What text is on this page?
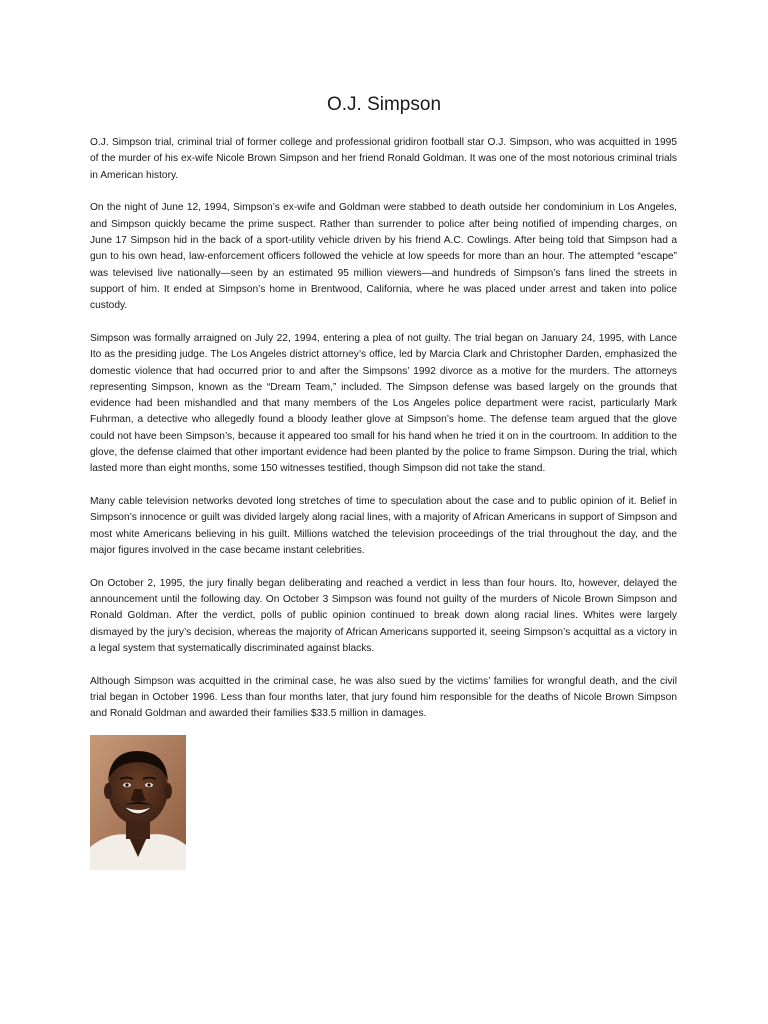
O.J. Simpson

O.J. Simpson trial, criminal trial of former college and professional gridiron football star O.J. Simpson, who was acquitted in 1995 of the murder of his ex-wife Nicole Brown Simpson and her friend Ronald Goldman. It was one of the most notorious criminal trials in American history.

On the night of June 12, 1994, Simpson’s ex-wife and Goldman were stabbed to death outside her condominium in Los Angeles, and Simpson quickly became the prime suspect. Rather than surrender to police after being notified of impending charges, on June 17 Simpson hid in the back of a sport-utility vehicle driven by his friend A.C. Cowlings. After being told that Simpson had a gun to his own head, law-enforcement officers followed the vehicle at low speeds for more than an hour. The attempted “escape” was televised live nationally—seen by an estimated 95 million viewers—and hundreds of Simpson’s fans lined the streets in support of him. It ended at Simpson’s home in Brentwood, California, where he was placed under arrest and taken into police custody.

Simpson was formally arraigned on July 22, 1994, entering a plea of not guilty. The trial began on January 24, 1995, with Lance Ito as the presiding judge. The Los Angeles district attorney’s office, led by Marcia Clark and Christopher Darden, emphasized the domestic violence that had occurred prior to and after the Simpsons’ 1992 divorce as a motive for the murders. The attorneys representing Simpson, known as the “Dream Team,” included. The Simpson defense was based largely on the grounds that evidence had been mishandled and that many members of the Los Angeles police department were racist, particularly Mark Fuhrman, a detective who allegedly found a bloody leather glove at Simpson’s home. The defense team argued that the glove could not have been Simpson’s, because it appeared too small for his hand when he tried it on in the courtroom. In addition to the glove, the defense claimed that other important evidence had been planted by the police to frame Simpson. During the trial, which lasted more than eight months, some 150 witnesses testified, though Simpson did not take the stand.

Many cable television networks devoted long stretches of time to speculation about the case and to public opinion of it. Belief in Simpson’s innocence or guilt was divided largely along racial lines, with a majority of African Americans in support of Simpson and most white Americans believing in his guilt. Millions watched the television proceedings of the trial throughout the day, and the major figures involved in the case became instant celebrities.

On October 2, 1995, the jury finally began deliberating and reached a verdict in less than four hours. Ito, however, delayed the announcement until the following day. On October 3 Simpson was found not guilty of the murders of Nicole Brown Simpson and Ronald Goldman. After the verdict, polls of public opinion continued to break down along racial lines. Whites were largely dismayed by the jury’s decision, whereas the majority of African Americans supported it, seeing Simpson’s acquittal as a victory in a legal system that systematically discriminated against blacks.

Although Simpson was acquitted in the criminal case, he was also sued by the victims’ families for wrongful death, and the civil trial began in October 1996. Less than four months later, that jury found him responsible for the deaths of Nicole Brown Simpson and Ronald Goldman and awarded their families $33.5 million in damages.
